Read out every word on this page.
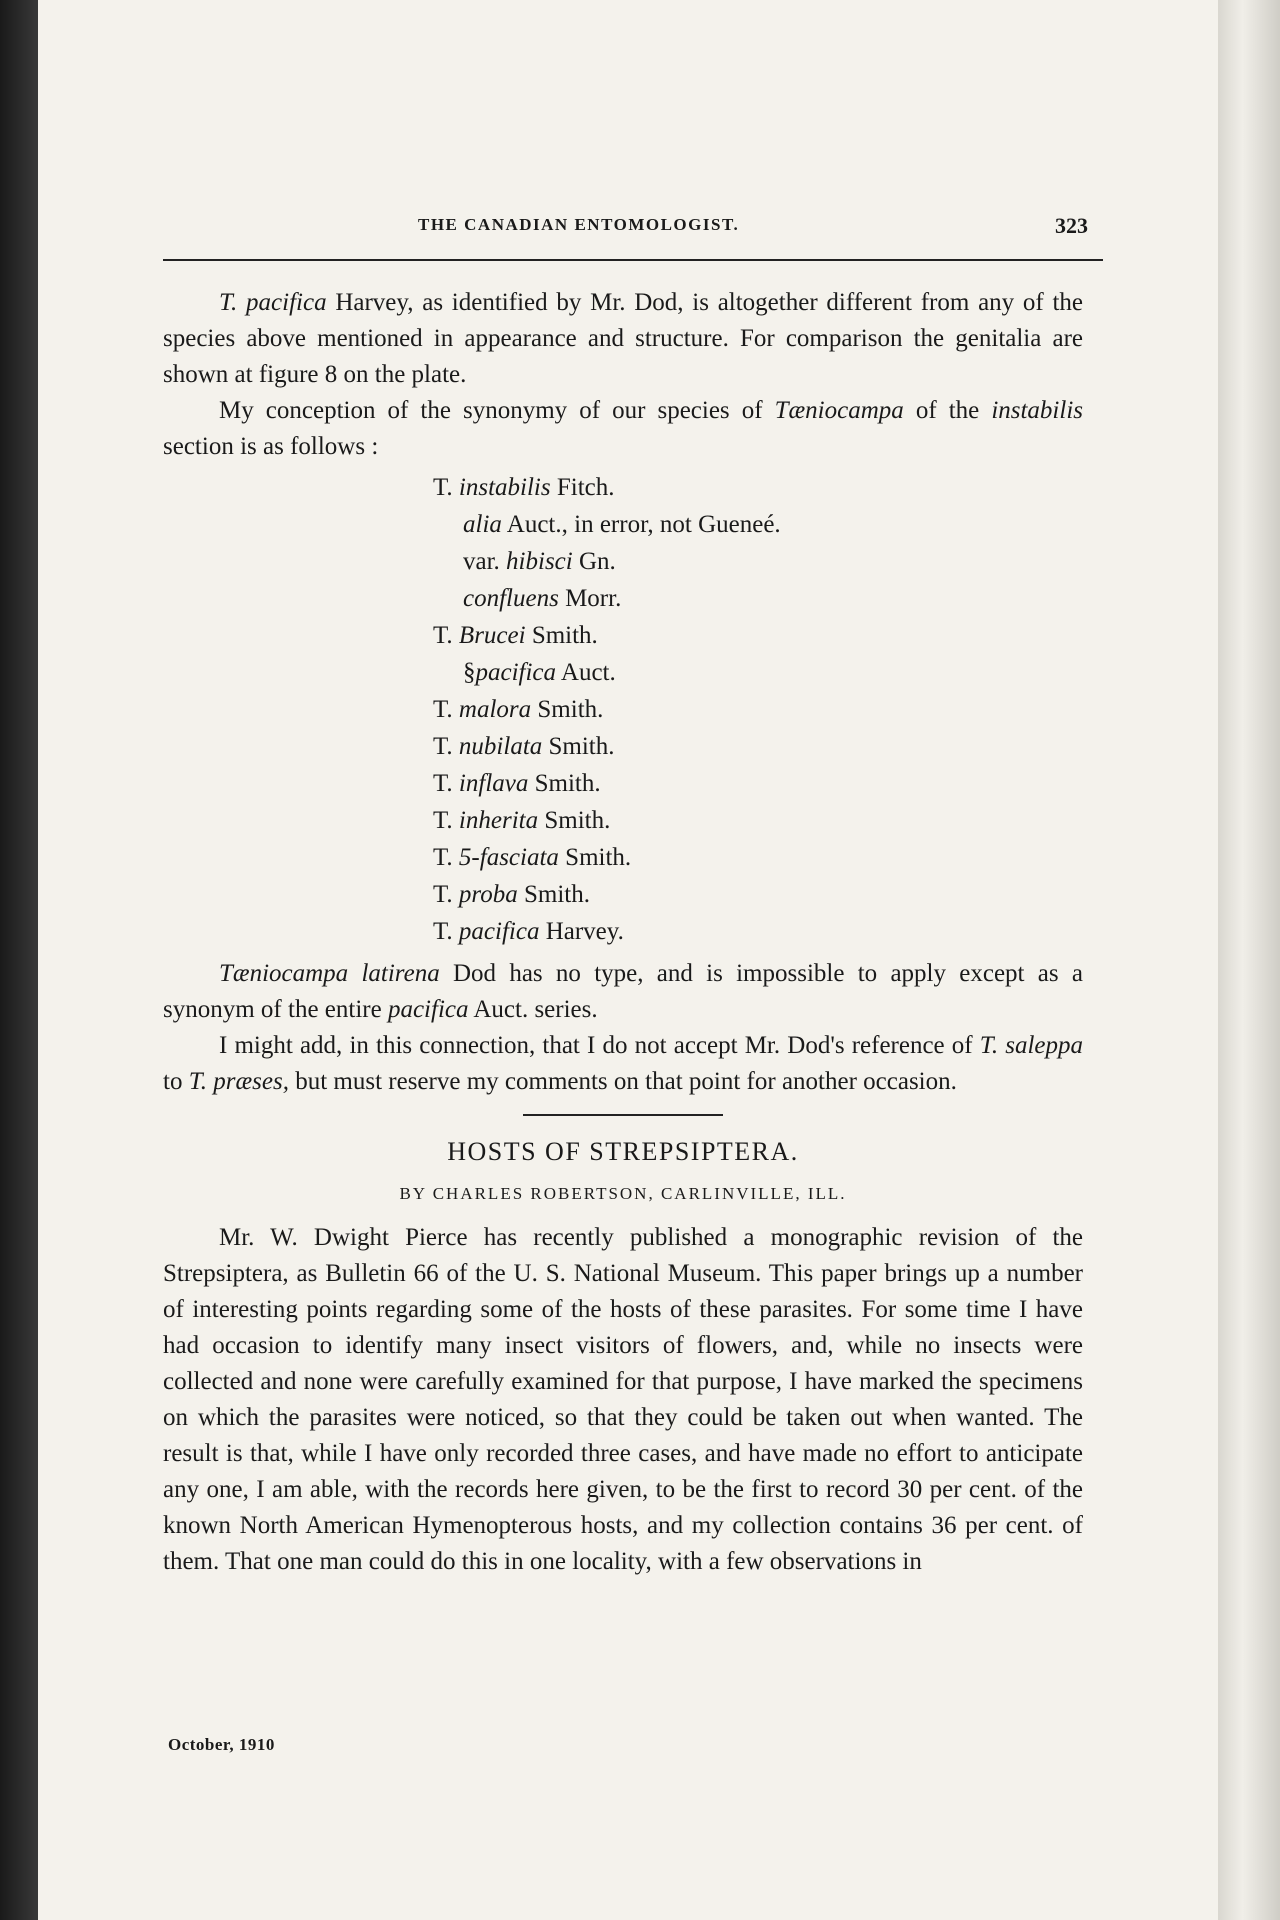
THE CANADIAN ENTOMOLOGIST.	323

T. pacifica Harvey, as identified by Mr. Dod, is altogether different from any of the species above mentioned in appearance and structure. For comparison the genitalia are shown at figure 8 on the plate.

My conception of the synonymy of our species of Tæniocampa of the instabilis section is as follows :

T. instabilis Fitch.
alia Auct., in error, not Gueneé.
var. hibisci Gn.
confluens Morr.
T. Brucei Smith.
§pacifica Auct.
T. malora Smith.
T. nubilata Smith.
T. inflava Smith.
T. inherita Smith.
T. 5-fasciata Smith.
T. proba Smith.
T. pacifica Harvey.

Tæniocampa latirena Dod has no type, and is impossible to apply except as a synonym of the entire pacifica Auct. series.

I might add, in this connection, that I do not accept Mr. Dod's reference of T. saleppa to T. præses, but must reserve my comments on that point for another occasion.

HOSTS OF STREPSIPTERA.
BY CHARLES ROBERTSON, CARLINVILLE, ILL.

Mr. W. Dwight Pierce has recently published a monographic revision of the Strepsiptera, as Bulletin 66 of the U. S. National Museum. This paper brings up a number of interesting points regarding some of the hosts of these parasites. For some time I have had occasion to identify many insect visitors of flowers, and, while no insects were collected and none were carefully examined for that purpose, I have marked the specimens on which the parasites were noticed, so that they could be taken out when wanted. The result is that, while I have only recorded three cases, and have made no effort to anticipate any one, I am able, with the records here given, to be the first to record 30 per cent. of the known North American Hymenopterous hosts, and my collection contains 36 per cent. of them. That one man could do this in one locality, with a few observations in

October, 1910
